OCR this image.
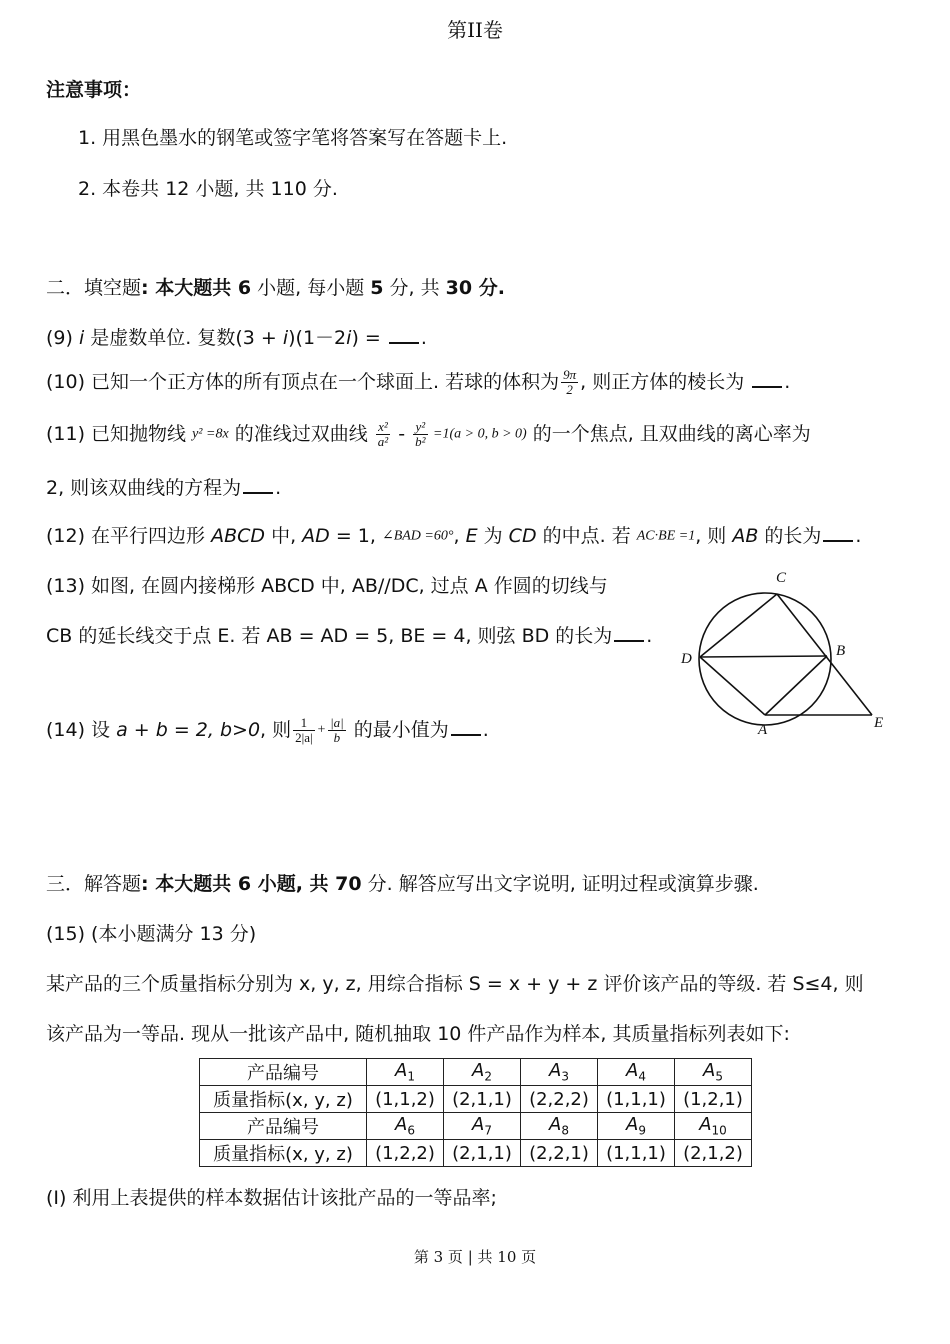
第II卷
注意事项：
1. 用黑色墨水的钢笔或签字笔将答案写在答题卡上.
2. 本卷共 12 小题, 共 110 分.
二．填空题: 本大题共 6 小题, 每小题 5 分, 共 30 分.
(9) i 是虚数单位. 复数(3 + i)(1－2i) = .
(10) 已知一个正方体的所有顶点在一个球面上. 若球的体积为 $\frac{9\pi}{2}$ , 则正方体的棱长为 .
(11) 已知抛物线 y² =8x 的准线过双曲线 $\frac{\text{x²}}{\text{a²}} - \frac{\text{y²}}{\text{b²}} =1(a > 0$, b > 0) 的一个焦点, 且双曲线的离心率为
2, 则该双曲线的方程为 .
(12) 在平行四边形 ABCD 中, AD = 1, ∠BAD =60°, E 为 CD 的中点. 若 AC·BE =1, 则 AB 的长为 .
(13) 如图, 在圆内接梯形 ABCD 中, AB//DC, 过点 A 作圆的切线与
CB 的延长线交于点 E. 若 AB = AD = 5, BE = 4, 则弦 BD 的长为 .
C
B
D
A	E
(14) 设 a + b = 2, b>0, 则 $\frac{1}{2|a|} + \frac{|a|}{b}$ 的最小值为 .
三．解答题: 本大题共 6 小题, 共 70 分. 解答应写出文字说明, 证明过程或演算步骤.
(15) (本小题满分 13 分)
某产品的三个质量指标分别为 x, y, z, 用综合指标 S = x + y + z 评价该产品的等级. 若 S≤4, 则
该产品为一等品. 现从一批该产品中, 随机抽取 10 件产品作为样本, 其质量指标列表如下:
产品编号	$A_1$	$A_2$	$A_3$	$A_4$	$A_5$
质量指标(x, y, z)	(1,1,2)	(2,1,1)	(2,2,2)	(1,1,1)	(1,2,1)
产品编号	$A_6$	$A_7$	$A_8$	$A_9$	$A_{10}$
质量指标(x, y, z)	(1,2,2)	(2,1,1)	(2,2,1)	(1,1,1)	(2,1,2)
(I) 利用上表提供的样本数据估计该批产品的一等品率;
第 3 页 | 共 10 页
